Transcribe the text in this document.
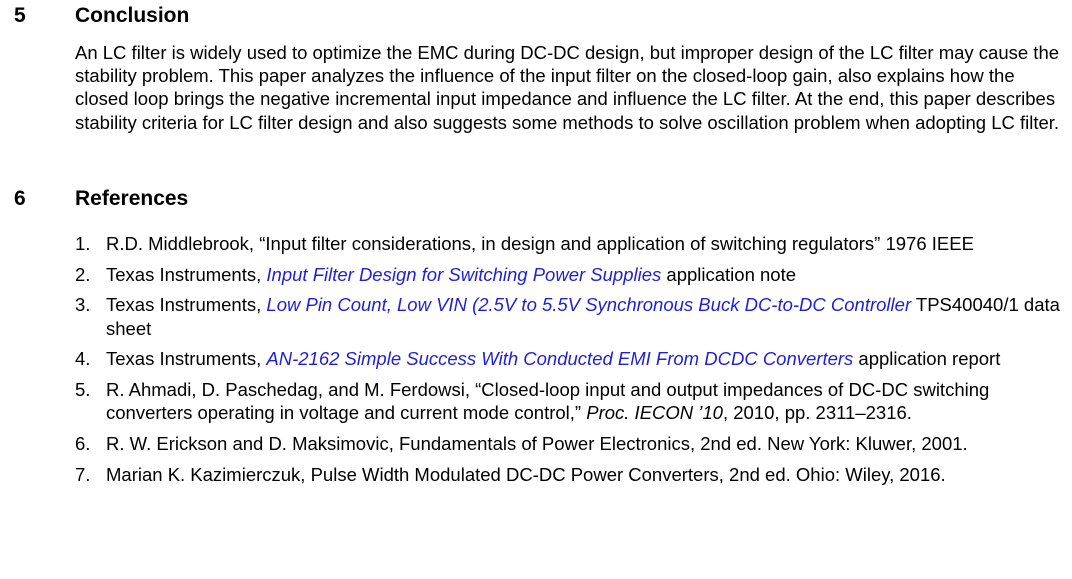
5 Conclusion

An LC filter is widely used to optimize the EMC during DC-DC design, but improper design of the LC filter may cause the stability problem. This paper analyzes the influence of the input filter on the closed-loop gain, also explains how the closed loop brings the negative incremental input impedance and influence the LC filter. At the end, this paper describes stability criteria for LC filter design and also suggests some methods to solve oscillation problem when adopting LC filter.

6 References
1. R.D. Middlebrook, “Input filter considerations, in design and application of switching regulators” 1976 IEEE
2. Texas Instruments, Input Filter Design for Switching Power Supplies application note
3. Texas Instruments, Low Pin Count, Low VIN (2.5V to 5.5V Synchronous Buck DC-to-DC Controller TPS40040/1 data sheet
4. Texas Instruments, AN-2162 Simple Success With Conducted EMI From DCDC Converters application report
5. R. Ahmadi, D. Paschedag, and M. Ferdowsi, “Closed-loop input and output impedances of DC-DC switching converters operating in voltage and current mode control,” Proc. IECON ’10, 2010, pp. 2311–2316.
6. R. W. Erickson and D. Maksimovic, Fundamentals of Power Electronics, 2nd ed. New York: Kluwer, 2001.
7. Marian K. Kazimierczuk, Pulse Width Modulated DC-DC Power Converters, 2nd ed. Ohio: Wiley, 2016.
